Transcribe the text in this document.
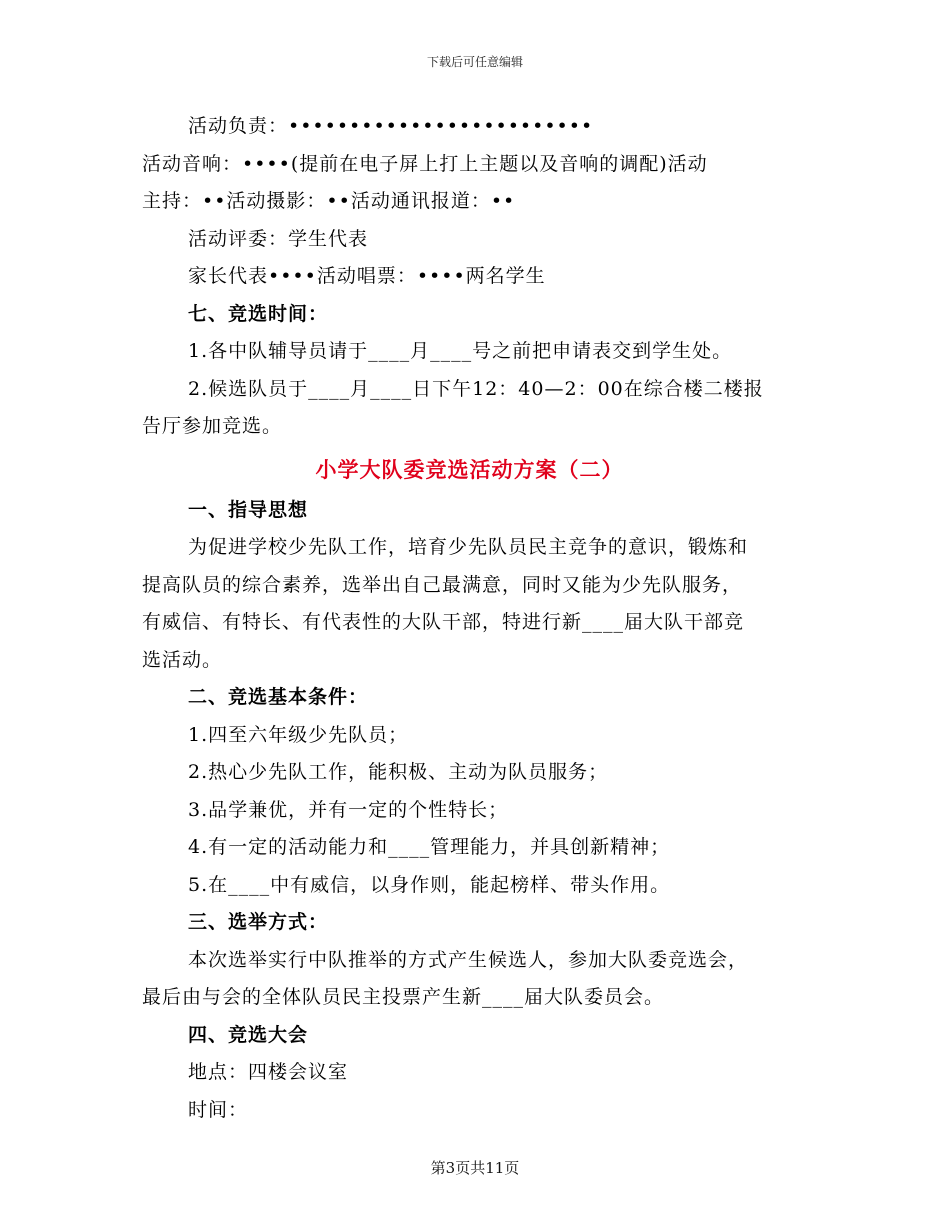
下载后可任意编辑

活动负责：•••••••••••••••••••••••••

活动音响：••••(提前在电子屏上打上主题以及音响的调配)活动

主持：••活动摄影：••活动通讯报道：••

活动评委：学生代表

家长代表••••活动唱票：••••两名学生

七、竞选时间：

1.各中队辅导员请于____月____号之前把申请表交到学生处。

2.候选队员于____月____日下午12：40—2：00在综合楼二楼报

告厅参加竞选。

小学大队委竞选活动方案（二）

一、指导思想

为促进学校少先队工作，培育少先队员民主竞争的意识，锻炼和

提高队员的综合素养，选举出自己最满意，同时又能为少先队服务，

有威信、有特长、有代表性的大队干部，特进行新____届大队干部竞

选活动。

二、竞选基本条件：

1.四至六年级少先队员；

2.热心少先队工作，能积极、主动为队员服务；

3.品学兼优，并有一定的个性特长；

4.有一定的活动能力和____管理能力，并具创新精神；

5.在____中有威信，以身作则，能起榜样、带头作用。

三、选举方式：

本次选举实行中队推举的方式产生候选人，参加大队委竞选会，

最后由与会的全体队员民主投票产生新____届大队委员会。

四、竞选大会

地点：四楼会议室

时间：

第3页共11页
